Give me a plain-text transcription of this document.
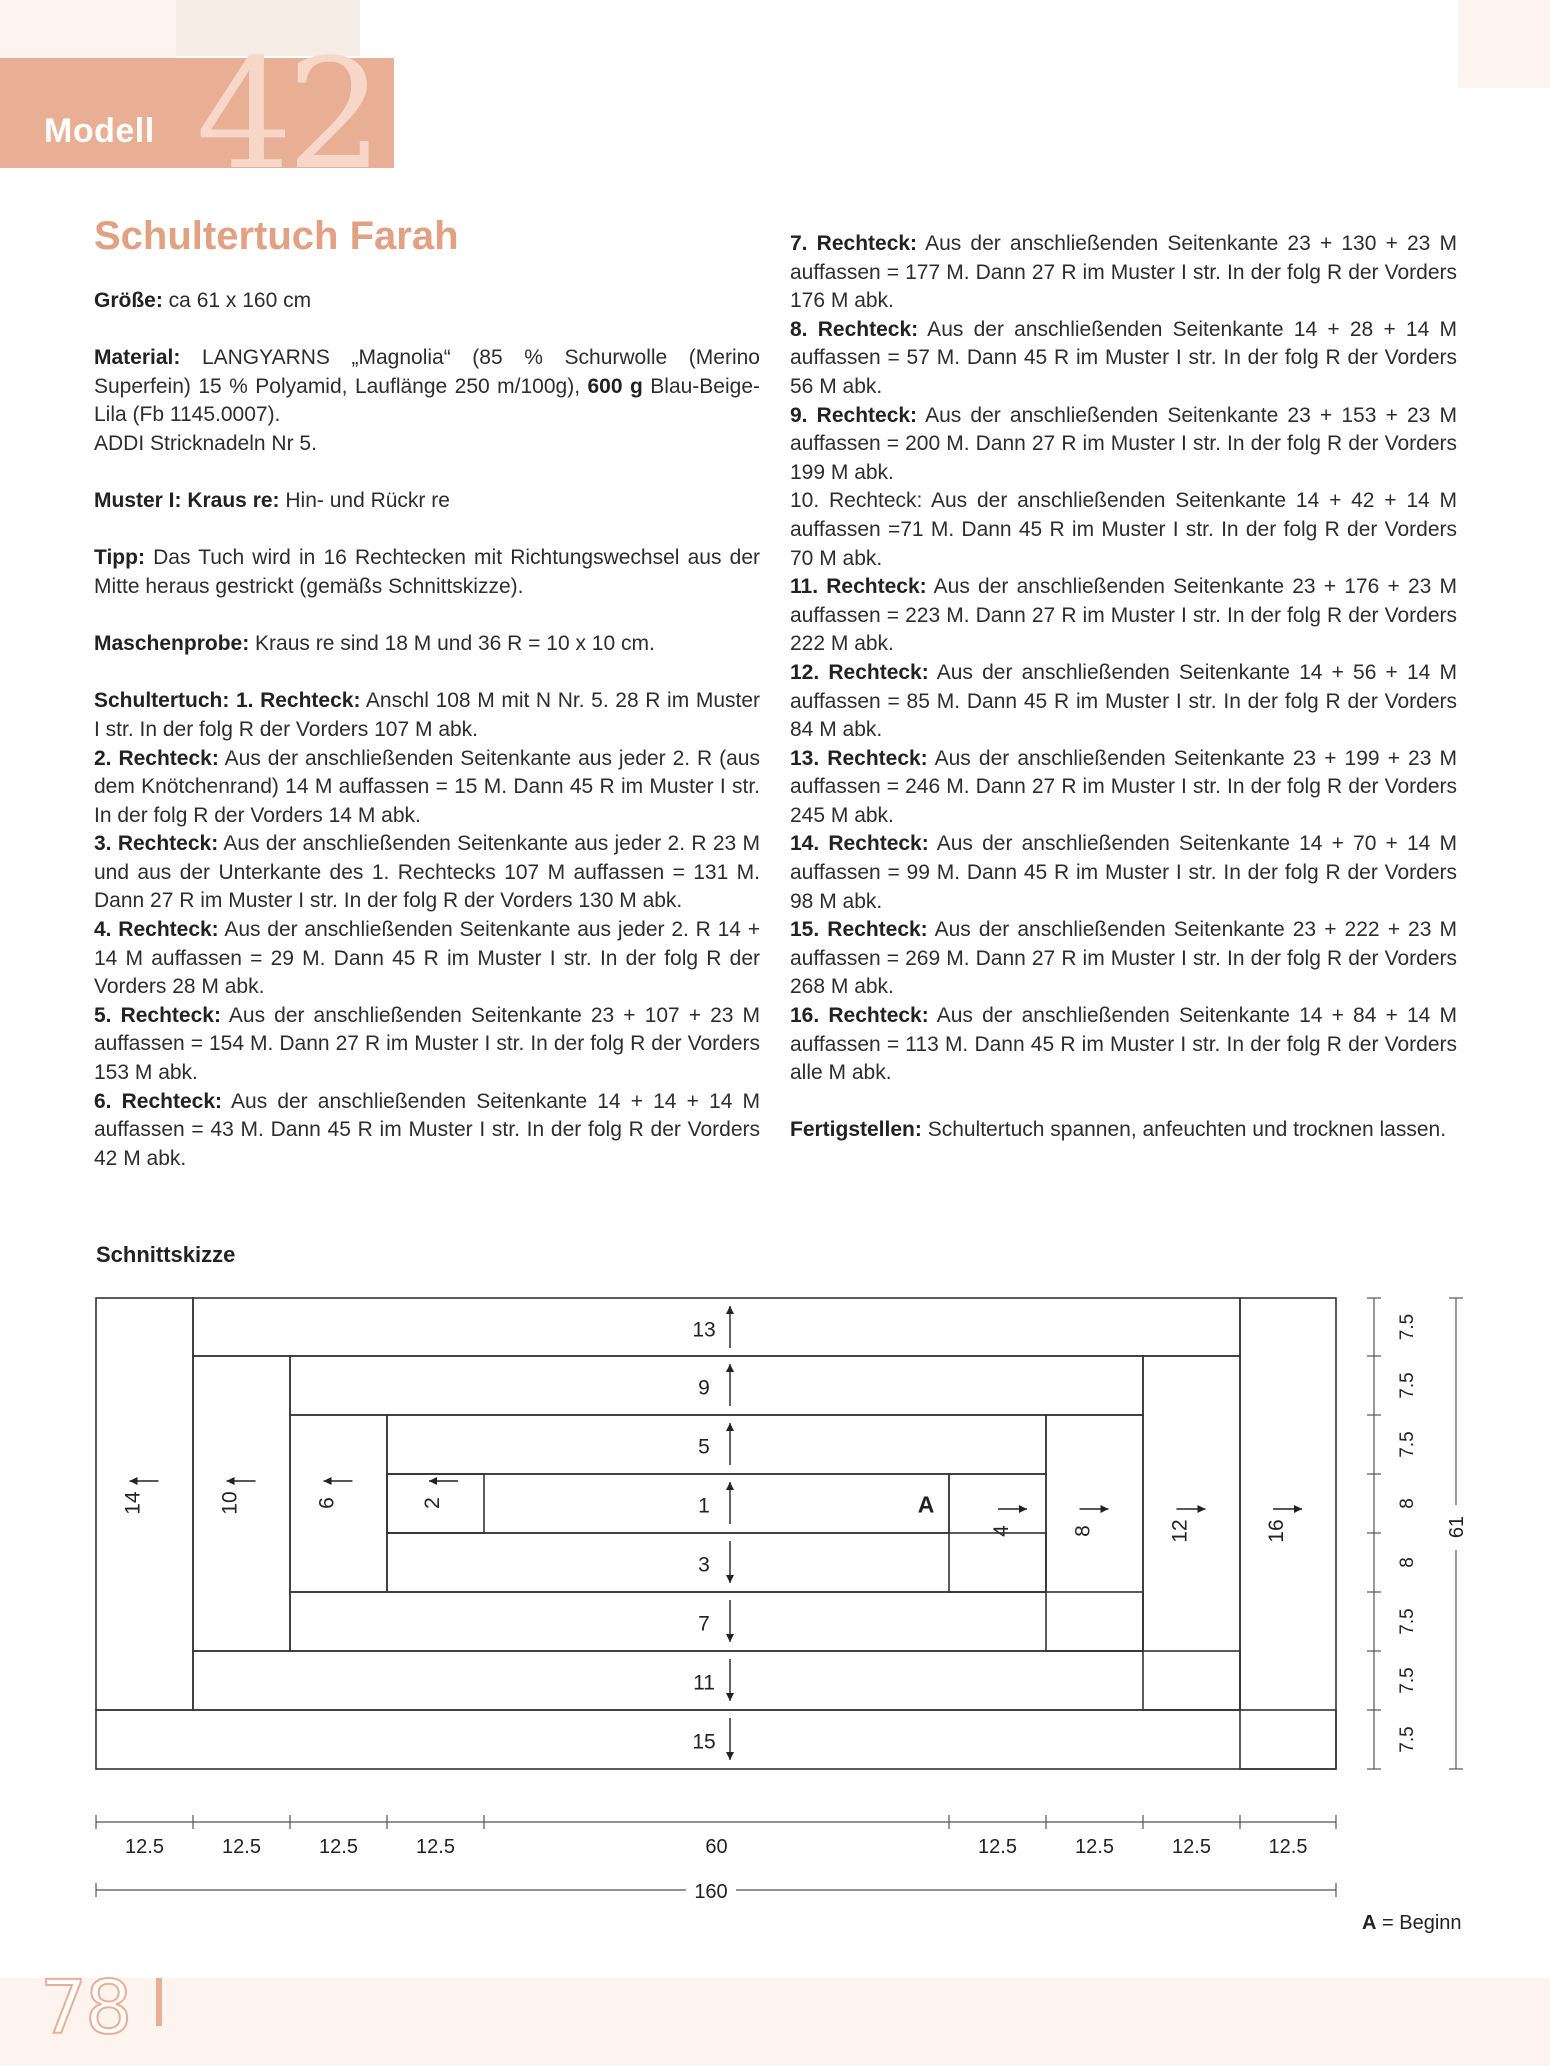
42
Modell
Schultertuch Farah

Größe: ca 61 x 160 cm

Material: LANGYARNS „Magnolia“ (85 % Schurwolle (Merino Superfein) 15 % Polyamid, Lauflänge 250 m/100g), 600 g Blau-Beige-Lila (Fb 1145.0007).

ADDI Stricknadeln Nr 5.

Muster I: Kraus re: Hin- und Rückr re

Tipp: Das Tuch wird in 16 Rechtecken mit Richtungswechsel aus der Mitte heraus gestrickt (gemäßs Schnittskizze).

Maschenprobe: Kraus re sind 18 M und 36 R = 10 x 10 cm.

Schultertuch: 1. Rechteck: Anschl 108 M mit N Nr. 5. 28 R im Muster I str. In der folg R der Vorders 107 M abk.

2. Rechteck: Aus der anschließenden Seitenkante aus jeder 2. R (aus dem Knötchenrand) 14 M auffassen = 15 M. Dann 45 R im Muster I str. In der folg R der Vorders 14 M abk.

3. Rechteck: Aus der anschließenden Seitenkante aus jeder 2. R 23 M und aus der Unterkante des 1. Rechtecks 107 M auffassen = 131 M. Dann 27 R im Muster I str. In der folg R der Vorders 130 M abk.

4. Rechteck: Aus der anschließenden Seitenkante aus jeder 2. R 14 + 14 M auffassen = 29 M. Dann 45 R im Muster I str. In der folg R der Vorders 28 M abk.

5. Rechteck: Aus der anschließenden Seitenkante 23 + 107 + 23 M auffassen = 154 M. Dann 27 R im Muster I str. In der folg R der Vorders 153 M abk.

6. Rechteck: Aus der anschließenden Seitenkante 14 + 14 + 14 M auffassen = 43 M. Dann 45 R im Muster I str. In der folg R der Vorders 42 M abk.

7. Rechteck: Aus der anschließenden Seitenkante 23 + 130 + 23 M auffassen = 177 M. Dann 27 R im Muster I str. In der folg R der Vorders 176 M abk.

8. Rechteck: Aus der anschließenden Seitenkante 14 + 28 + 14 M auffassen = 57 M. Dann 45 R im Muster I str. In der folg R der Vorders 56 M abk.

9. Rechteck: Aus der anschließenden Seitenkante 23 + 153 + 23 M auffassen = 200 M. Dann 27 R im Muster I str. In der folg R der Vorders 199 M abk.

10. Rechteck: Aus der anschließenden Seitenkante 14 + 42 + 14 M auffassen =71 M. Dann 45 R im Muster I str. In der folg R der Vorders 70 M abk.

11. Rechteck: Aus der anschließenden Seitenkante 23 + 176 + 23 M auffassen = 223 M. Dann 27 R im Muster I str. In der folg R der Vorders 222 M abk.

12. Rechteck: Aus der anschließenden Seitenkante 14 + 56 + 14 M auffassen = 85 M. Dann 45 R im Muster I str. In der folg R der Vorders 84 M abk.

13. Rechteck: Aus der anschließenden Seitenkante 23 + 199 + 23 M auffassen = 246 M. Dann 27 R im Muster I str. In der folg R der Vorders 245 M abk.

14. Rechteck: Aus der anschließenden Seitenkante 14 + 70 + 14 M auffassen = 99 M. Dann 45 R im Muster I str. In der folg R der Vorders 98 M abk.

15. Rechteck: Aus der anschließenden Seitenkante 23 + 222 + 23 M auffassen = 269 M. Dann 27 R im Muster I str. In der folg R der Vorders 268 M abk.

16. Rechteck: Aus der anschließenden Seitenkante 14 + 84 + 14 M auffassen = 113 M. Dann 45 R im Muster I str. In der folg R der Vorders alle M abk.

Fertigstellen: Schultertuch spannen, anfeuchten und trocknen lassen.

Schnittskizze
1	A
3
5
7
9
11
13
15
2
4
6
8
10
12
14
16
12.5	12.5	12.5	12.5	60	12.5	12.5	12.5	12.5
160
7.5
7.5
7.5
8
8
7.5
7.5
7.5
61
A = Beginn
78
